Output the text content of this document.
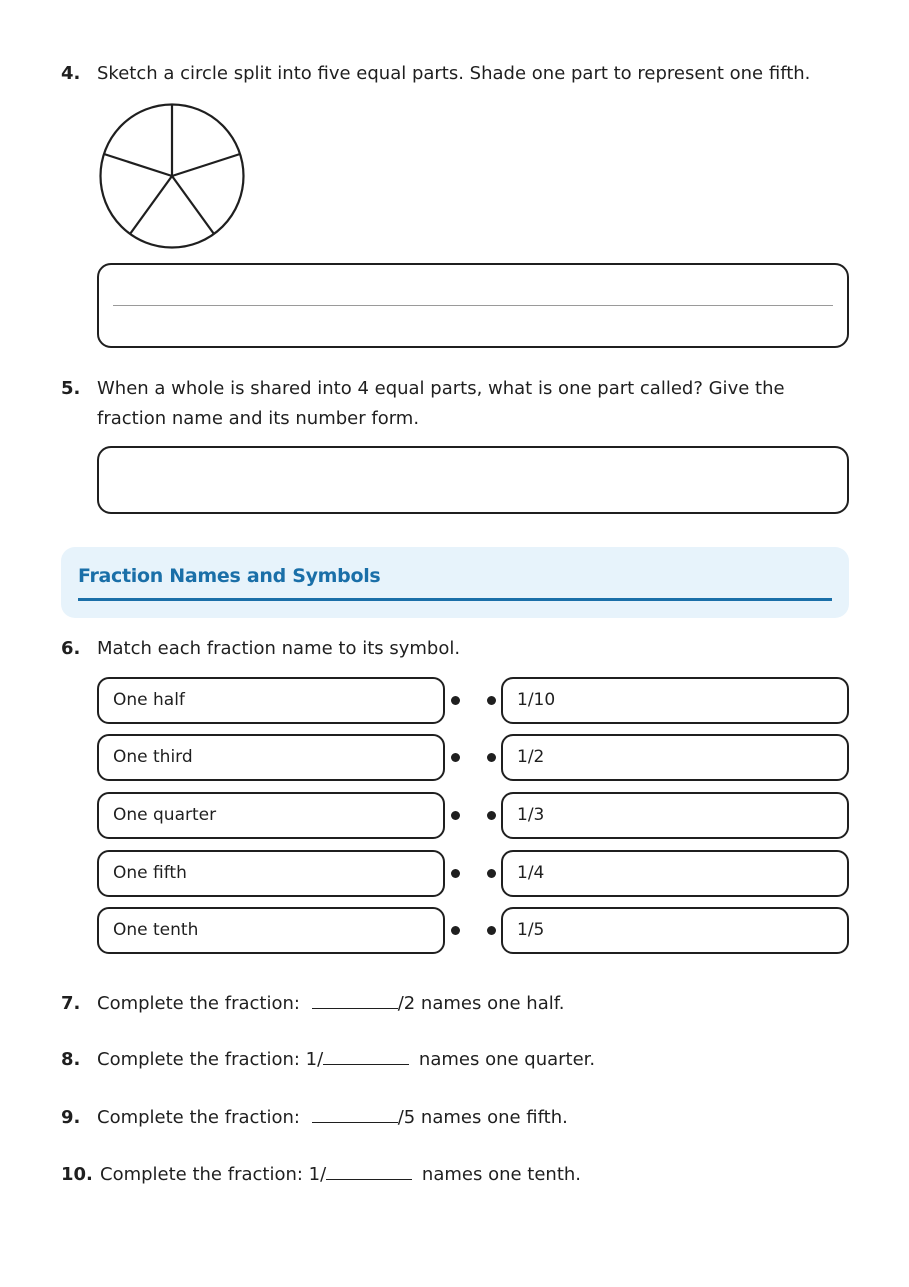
4. Sketch a circle split into five equal parts. Shade one part to represent one fifth.
5. When a whole is shared into 4 equal parts, what is one part called? Give the
fraction name and its number form.
Fraction Names and Symbols
6. Match each fraction name to its symbol.
One half	1/10
One third	1/2
One quarter	1/3
One fifth	1/4
One tenth	1/5
7. Complete the fraction:	/2 names one half.
8. Complete the fraction: 1/	names one quarter.
9. Complete the fraction:	/5 names one fifth.
10. Complete the fraction: 1/	names one tenth.
